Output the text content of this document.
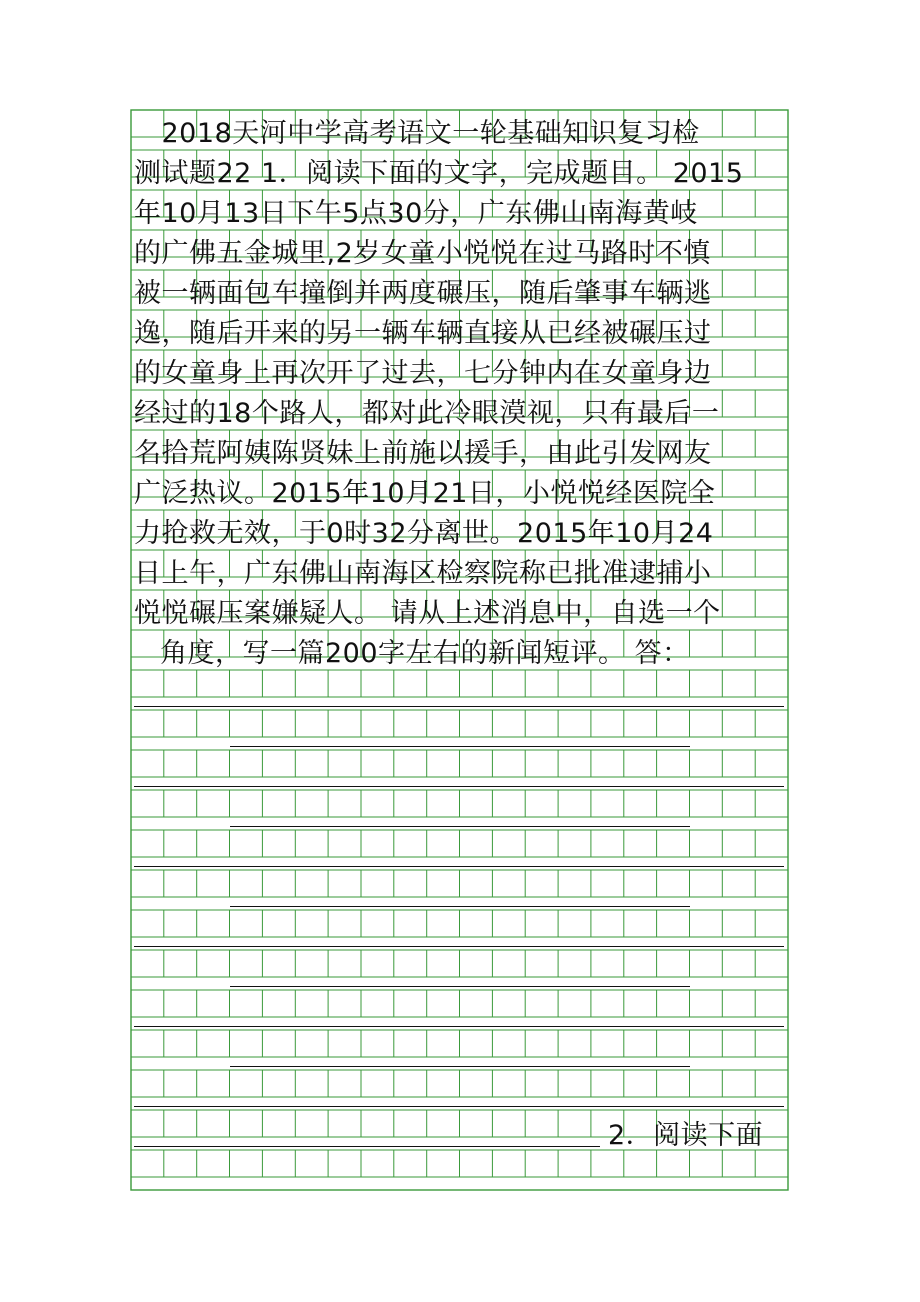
　2018天河中学高考语文一轮基础知识复习检
测试题22 1．阅读下面的文字，完成题目。 2015
年10月13日下午5点30分，广东佛山南海黄岐
的广佛五金城里,2岁女童小悦悦在过马路时不慎
被一辆面包车撞倒并两度碾压，随后肇事车辆逃
逸，随后开来的另一辆车辆直接从已经被碾压过
的女童身上再次开了过去，七分钟内在女童身边
经过的18个路人，都对此冷眼漠视，只有最后一
名拾荒阿姨陈贤妹上前施以援手，由此引发网友
广泛热议。2015年10月21日，小悦悦经医院全
力抢救无效，于0时32分离世。2015年10月24
日上午，广东佛山南海区检察院称已批准逮捕小
悦悦碾压案嫌疑人。 请从上述消息中，自选一个
角度，写一篇200字左右的新闻短评。 答：
2．阅读下面
